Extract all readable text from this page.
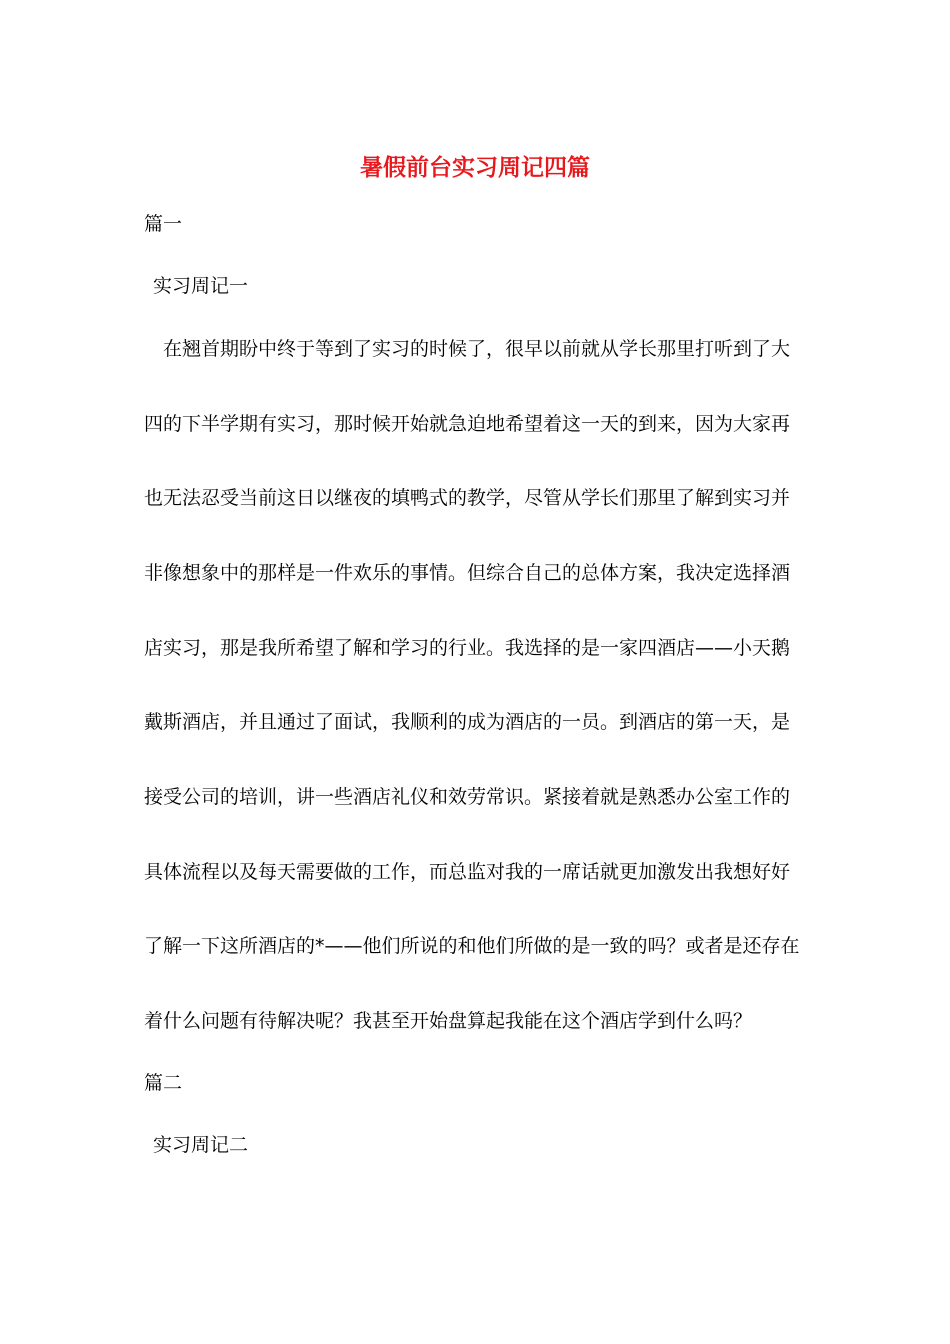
暑假前台实习周记四篇

篇一

实习周记一

在翘首期盼中终于等到了实习的时候了，很早以前就从学长那里打听到了大

四的下半学期有实习，那时候开始就急迫地希望着这一天的到来，因为大家再

也无法忍受当前这日以继夜的填鸭式的教学，尽管从学长们那里了解到实习并

非像想象中的那样是一件欢乐的事情。但综合自己的总体方案，我决定选择酒

店实习，那是我所希望了解和学习的行业。我选择的是一家四酒店——小天鹅

戴斯酒店，并且通过了面试，我顺利的成为酒店的一员。到酒店的第一天，是

接受公司的培训，讲一些酒店礼仪和效劳常识。紧接着就是熟悉办公室工作的

具体流程以及每天需要做的工作，而总监对我的一席话就更加激发出我想好好

了解一下这所酒店的*——他们所说的和他们所做的是一致的吗？或者是还存在

着什么问题有待解决呢？我甚至开始盘算起我能在这个酒店学到什么吗？

篇二

实习周记二
